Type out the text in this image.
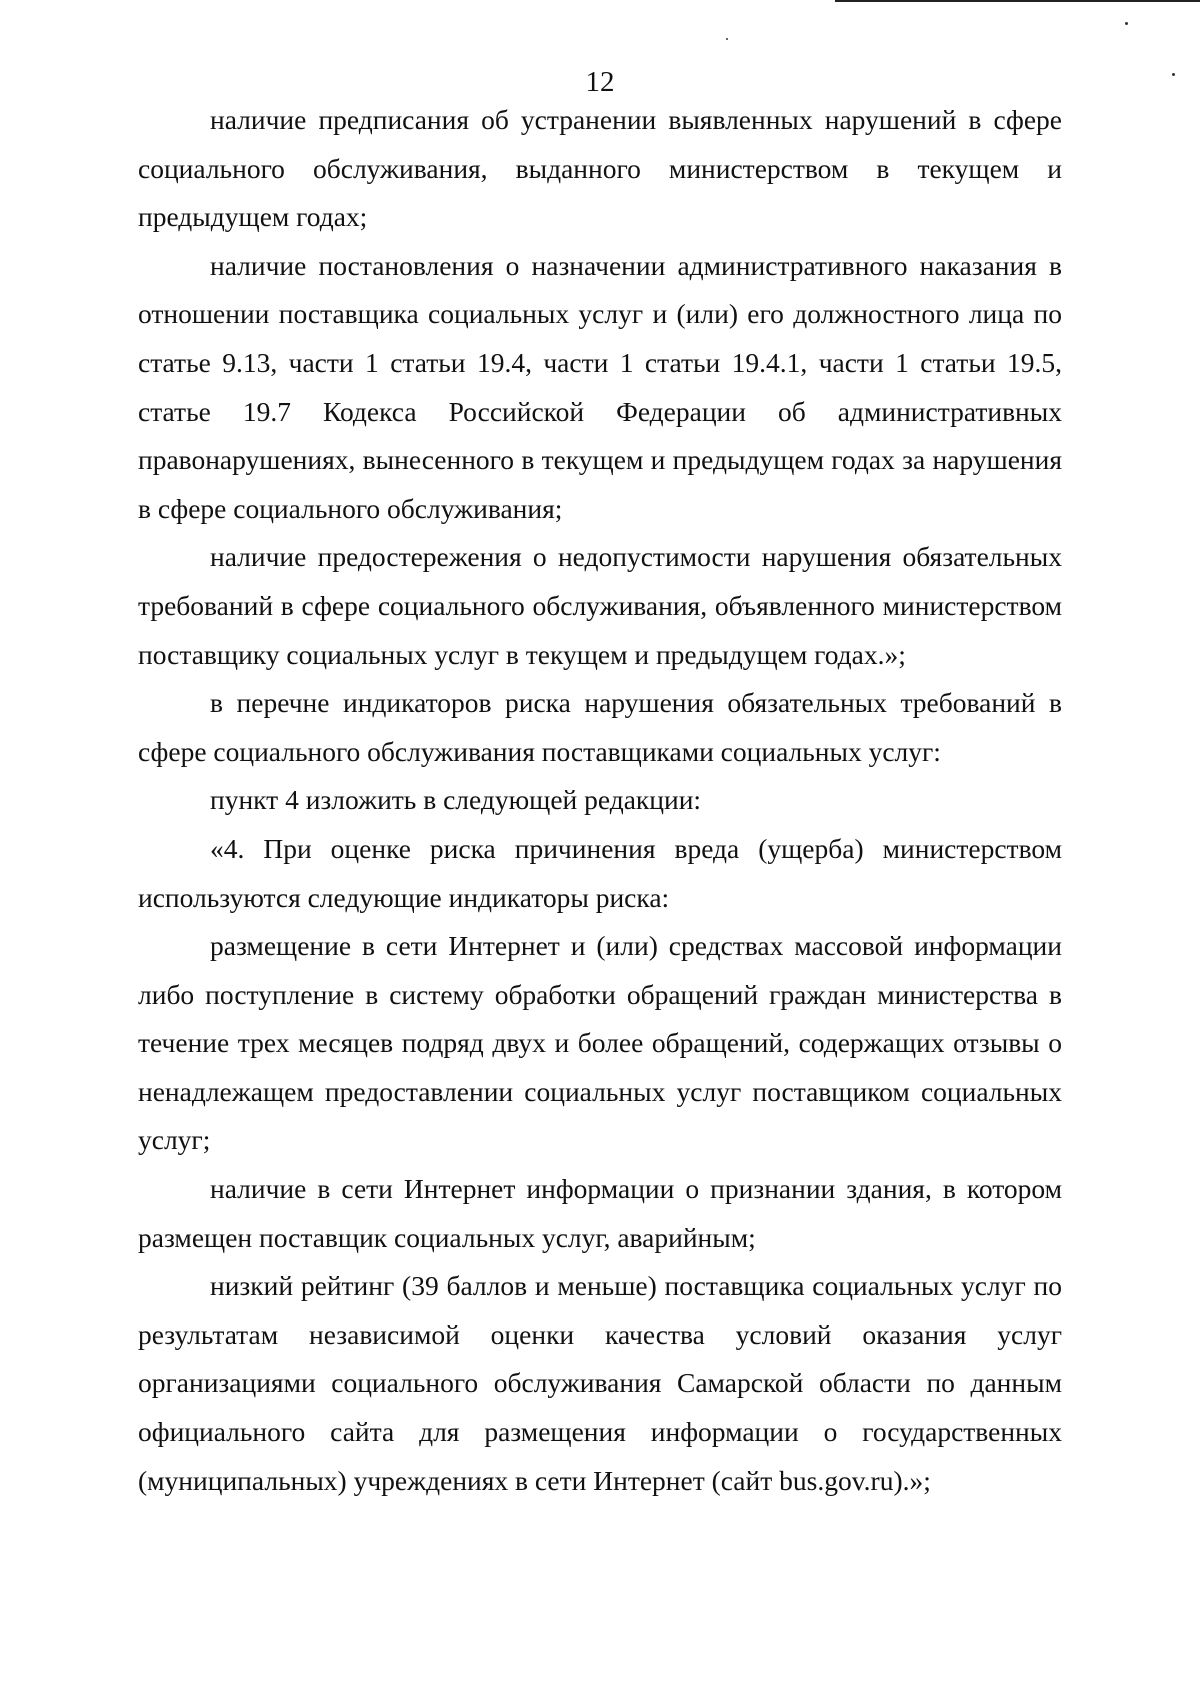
12

наличие предписания об устранении выявленных нарушений в сфере социального обслуживания, выданного министерством в текущем и предыдущем годах;

наличие постановления о назначении административного наказания в отношении поставщика социальных услуг и (или) его должностного лица по статье 9.13, части 1 статьи 19.4, части 1 статьи 19.4.1, части 1 статьи 19.5, статье 19.7 Кодекса Российской Федерации об административных правонарушениях, вынесенного в текущем и предыдущем годах за нарушения в сфере социального обслуживания;

наличие предостережения о недопустимости нарушения обязательных требований в сфере социального обслуживания, объявленного министерством поставщику социальных услуг в текущем и предыдущем годах.»;

в перечне индикаторов риска нарушения обязательных требований в сфере социального обслуживания поставщиками социальных услуг:

пункт 4 изложить в следующей редакции:

«4. При оценке риска причинения вреда (ущерба) министерством используются следующие индикаторы риска:

размещение в сети Интернет и (или) средствах массовой информации либо поступление в систему обработки обращений граждан министерства в течение трех месяцев подряд двух и более обращений, содержащих отзывы о ненадлежащем предоставлении социальных услуг поставщиком социальных услуг;

наличие в сети Интернет информации о признании здания, в котором размещен поставщик социальных услуг, аварийным;

низкий рейтинг (39 баллов и меньше) поставщика социальных услуг по результатам независимой оценки качества условий оказания услуг организациями социального обслуживания Самарской области по данным официального сайта для размещения информации о государственных (муниципальных) учреждениях в сети Интернет (сайт bus.gov.ru).»;
